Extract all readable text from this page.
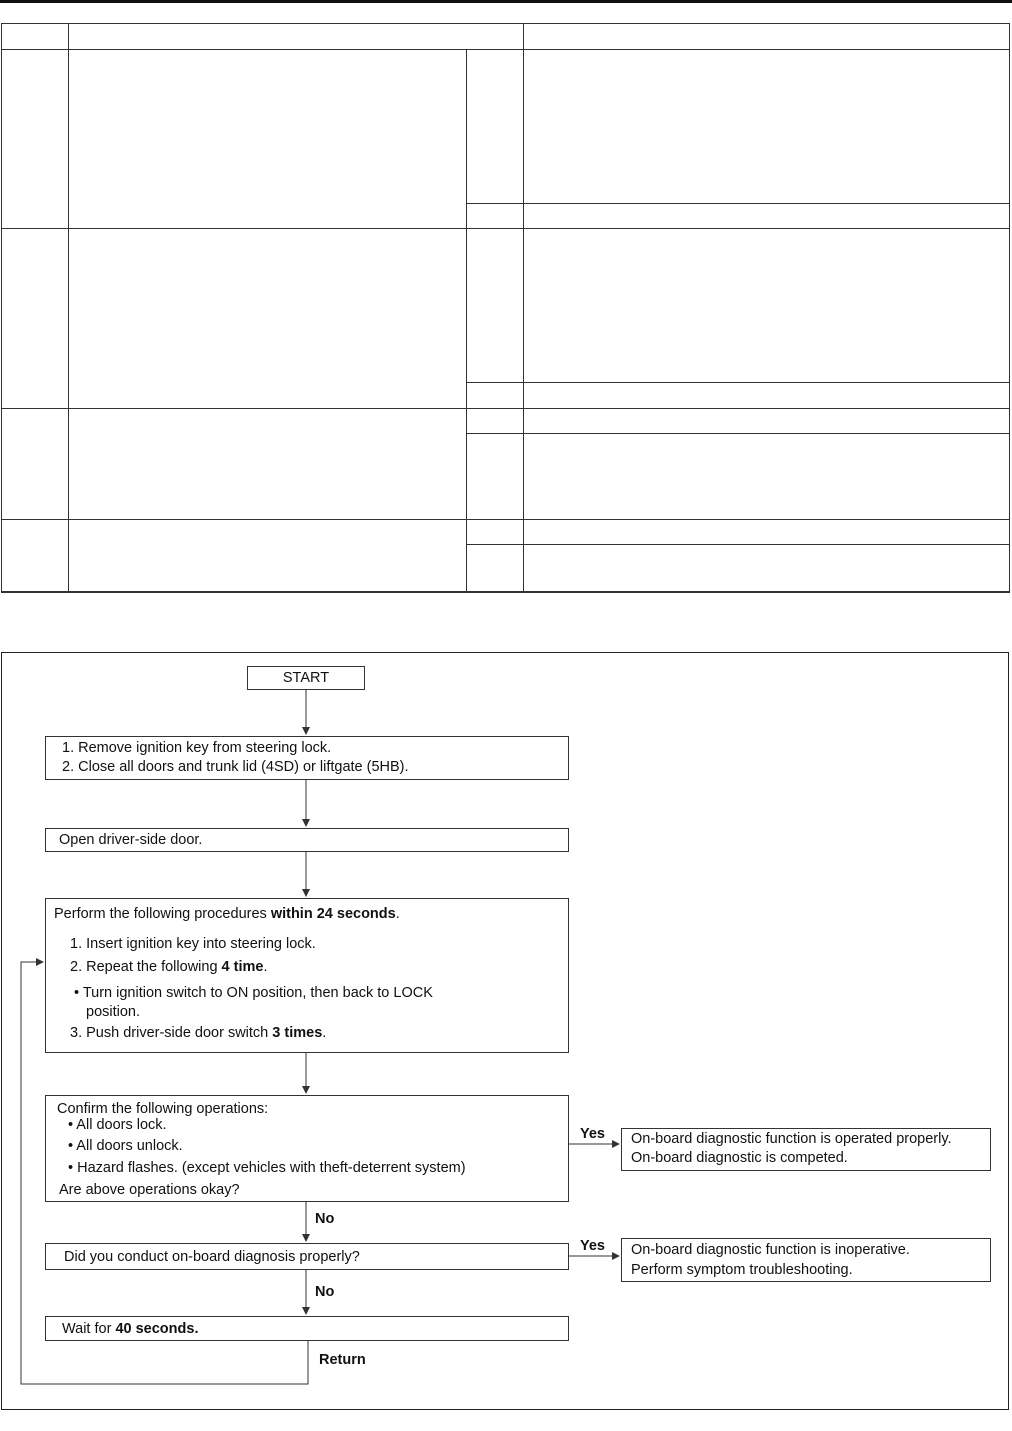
START
1. Remove ignition key from steering lock.
2. Close all doors and trunk lid (4SD) or liftgate (5HB).
Open driver-side door.
Perform the following procedures within 24 seconds.
1. Insert ignition key into steering lock.
2. Repeat the following 4 time.
• Turn ignition switch to ON position, then back to LOCK
position.
3. Push driver-side door switch 3 times.
Confirm the following operations:
• All doors lock.
• All doors unlock.
• Hazard flashes. (except vehicles with theft-deterrent system)
Are above operations okay?
On-board diagnostic function is operated properly.
On-board diagnostic is competed.
Did you conduct on-board diagnosis properly?	On-board diagnostic function is inoperative.
Perform symptom troubleshooting.
Wait for 40 seconds.
Yes
Yes
No
No
Return
